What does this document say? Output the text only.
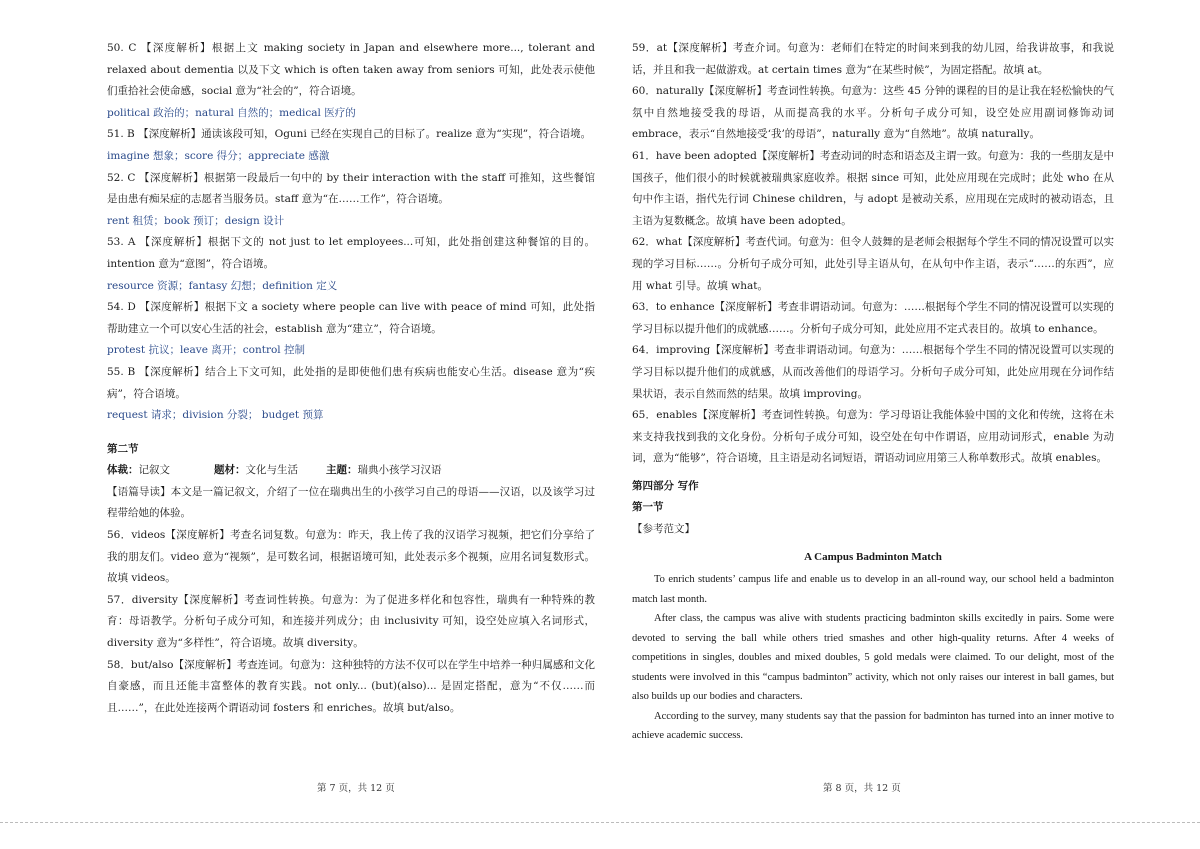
50. C 【深度解析】根据上文 making society in Japan and elsewhere more..., tolerant and relaxed about dementia 以及下文 which is often taken away from seniors 可知，此处表示使他们重拾社会使命感，social 意为“社会的”，符合语境。
political 政治的；natural 自然的；medical 医疗的
51. B 【深度解析】通读该段可知，Oguni 已经在实现自己的目标了。realize 意为“实现”，符合语境。
imagine 想象；score 得分；appreciate 感激
52. C 【深度解析】根据第一段最后一句中的 by their interaction with the staff 可推知，这些餐馆是由患有痴呆症的志愿者当服务员。staff 意为“在……工作”，符合语境。
rent 租赁；book 预订；design 设计
53. A 【深度解析】根据下文的 not just to let employees...可知，此处指创建这种餐馆的目的。intention 意为“意图”，符合语境。
resource 资源；fantasy 幻想；definition 定义
54. D 【深度解析】根据下文 a society where people can live with peace of mind 可知，此处指帮助建立一个可以安心生活的社会，establish 意为“建立”，符合语境。
protest 抗议；leave 离开；control 控制
55. B 【深度解析】结合上下文可知，此处指的是即使他们患有疾病也能安心生活。disease 意为“疾病”，符合语境。
request 请求；division 分裂； budget 预算
第二节
体裁：记叙文	题材：文化与生活	主题：瑞典小孩学习汉语
【语篇导读】本文是一篇记叙文，介绍了一位在瑞典出生的小孩学习自己的母语——汉语，以及该学习过程带给她的体验。
56．videos【深度解析】考查名词复数。句意为：昨天，我上传了我的汉语学习视频，把它们分享给了我的朋友们。video 意为“视频”，是可数名词，根据语境可知，此处表示多个视频，应用名词复数形式。故填 videos。
57．diversity【深度解析】考查词性转换。句意为：为了促进多样化和包容性，瑞典有一种特殊的教育：母语教学。分析句子成分可知，和连接并列成分；由 inclusivity 可知，设空处应填入名词形式，diversity 意为“多样性”，符合语境。故填 diversity。
58．but/also【深度解析】考查连词。句意为：这种独特的方法不仅可以在学生中培养一种归属感和文化自豪感，而且还能丰富整体的教育实践。not only... (but)(also)... 是固定搭配，意为“不仅……而且……”，在此处连接两个谓语动词 fosters 和 enriches。故填 but/also。
59．at【深度解析】考查介词。句意为：老师们在特定的时间来到我的幼儿园，给我讲故事，和我说话，并且和我一起做游戏。at certain times 意为“在某些时候”，为固定搭配。故填 at。
60．naturally【深度解析】考查词性转换。句意为：这些 45 分钟的课程的目的是让我在轻松愉快的气氛中自然地接受我的母语，从而提高我的水平。分析句子成分可知，设空处应用副词修饰动词 embrace，表示“自然地接受‘我’的母语”，naturally 意为“自然地”。故填 naturally。
61．have been adopted【深度解析】考查动词的时态和语态及主谓一致。句意为：我的一些朋友是中国孩子，他们很小的时候就被瑞典家庭收养。根据 since 可知，此处应用现在完成时；此处 who 在从句中作主语，指代先行词 Chinese children，与 adopt 是被动关系，应用现在完成时的被动语态，且主语为复数概念。故填 have been adopted。
62．what【深度解析】考查代词。句意为：但令人鼓舞的是老师会根据每个学生不同的情况设置可以实现的学习目标……。分析句子成分可知，此处引导主语从句，在从句中作主语，表示“……的东西”，应用 what 引导。故填 what。
63．to enhance【深度解析】考查非谓语动词。句意为：……根据每个学生不同的情况设置可以实现的学习目标以提升他们的成就感……。分析句子成分可知，此处应用不定式表目的。故填 to enhance。
64．improving【深度解析】考查非谓语动词。句意为：……根据每个学生不同的情况设置可以实现的学习目标以提升他们的成就感，从而改善他们的母语学习。分析句子成分可知，此处应用现在分词作结果状语，表示自然而然的结果。故填 improving。
65．enables【深度解析】考查词性转换。句意为：学习母语让我能体验中国的文化和传统，这将在未来支持我找到我的文化身份。分析句子成分可知，设空处在句中作谓语，应用动词形式，enable 为动词，意为“能够”，符合语境，且主语是动名词短语，谓语动词应用第三人称单数形式。故填 enables。
第四部分 写作
第一节
【参考范文】
A Campus Badminton Match

To enrich students’ campus life and enable us to develop in an all-round way, our school held a badminton match last month.

After class, the campus was alive with students practicing badminton skills excitedly in pairs. Some were devoted to serving the ball while others tried smashes and other high-quality returns. After 4 weeks of competitions in singles, doubles and mixed doubles, 5 gold medals were claimed. To our delight, most of the students were involved in this “campus badminton” activity, which not only raises our interest in ball games, but also builds up our bodies and characters.

According to the survey, many students say that the passion for badminton has turned into an inner motive to achieve academic success.

第 7 页，共 12 页	第 8 页，共 12 页
